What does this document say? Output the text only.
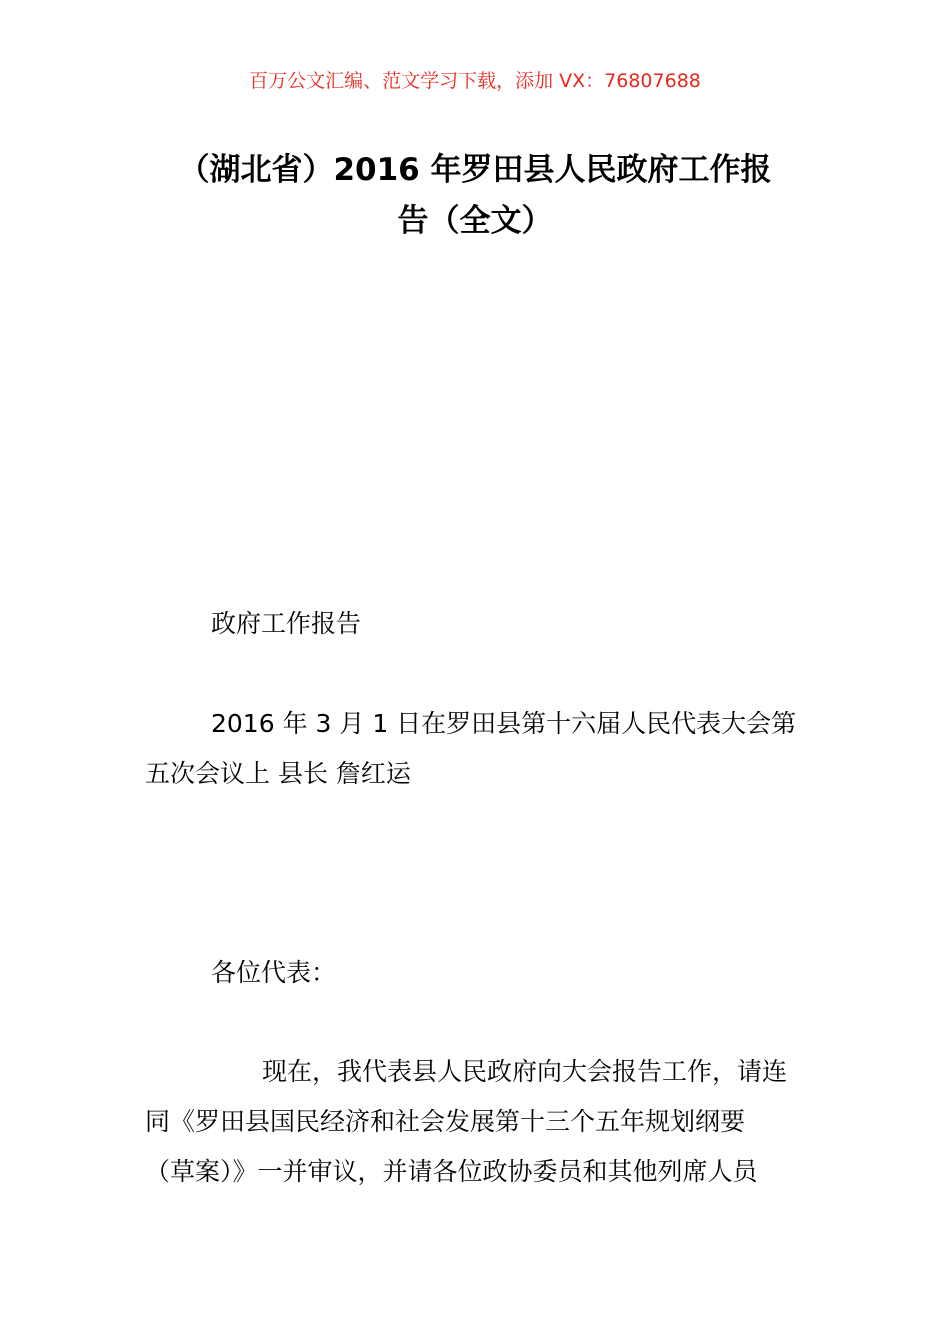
百万公文汇编、范文学习下载，添加 VX：76807688
（湖北省）2016 年罗田县人民政府工作报
告（全文）
政府工作报告
2016 年 3 月 1 日在罗田县第十六届人民代表大会第
五次会议上 县长 詹红运
各位代表：
现在，我代表县人民政府向大会报告工作，请连
同《罗田县国民经济和社会发展第十三个五年规划纲要
（草案）》一并审议，并请各位政协委员和其他列席人员
